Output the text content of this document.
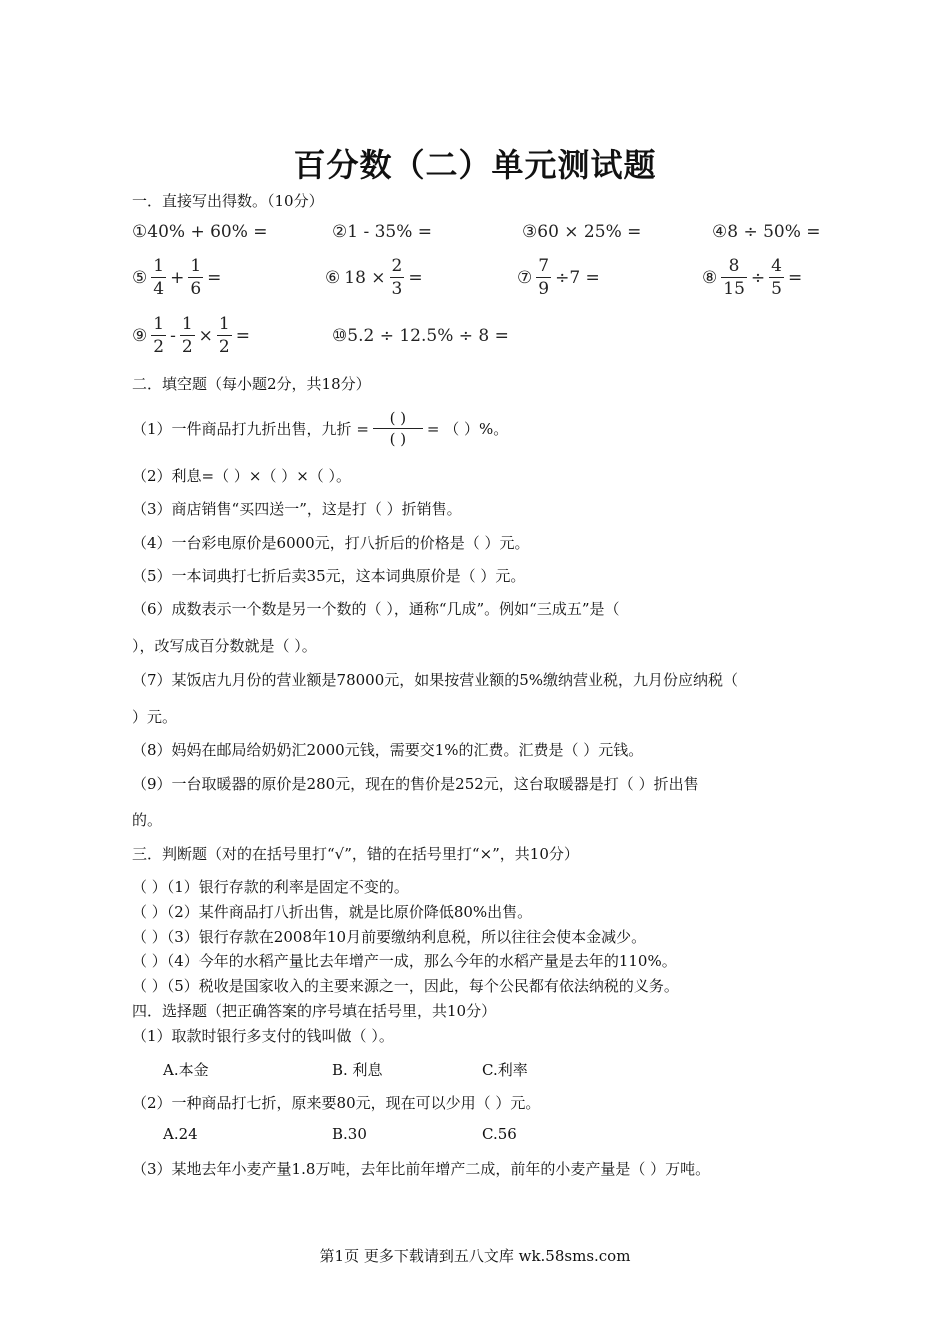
百分数（二）单元测试题
一．直接写出得数。（10分）
①40% + 60% =	②1 - 35% =	③60 × 25% =	④8 ÷ 50% =
⑤ $\frac{1}{4} + \frac{1}{6}$ =	⑥ $18 \times \frac{2}{3}$ =	⑦ $\frac{7}{9} \div 7$ =	⑧ $\frac{8}{15} \div \frac{4}{5}$ =
⑨ $\frac{1}{2} - \frac{1}{2} \times \frac{1}{2}$ =	⑩5.2 ÷ 12.5% ÷ 8 =
二．填空题（每小题2分，共18分）
（1）一件商品打九折出售，九折 =
( )
( )
= （ ）%。
（2）利息=（ ）×（ ）×（ ）。
（3）商店销售“买四送一”，这是打（ ）折销售。
（4）一台彩电原价是6000元，打八折后的价格是（ ）元。
（5）一本词典打七折后卖35元，这本词典原价是（ ）元。
（6）成数表示一个数是另一个数的（ ），通称“几成”。例如“三成五”是（
），改写成百分数就是（ ）。
（7）某饭店九月份的营业额是78000元，如果按营业额的5%缴纳营业税，九月份应纳税（
）元。
（8）妈妈在邮局给奶奶汇2000元钱，需要交1%的汇费。汇费是（ ）元钱。
（9）一台取暖器的原价是280元，现在的售价是252元，这台取暖器是打（ ）折出售
的。
三．判断题（对的在括号里打“√”，错的在括号里打“×”，共10分）
（ ）（1）银行存款的利率是固定不变的。
（ ）（2）某件商品打八折出售，就是比原价降低80%出售。
（ ）（3）银行存款在2008年10月前要缴纳利息税，所以往往会使本金减少。
（ ）（4）今年的水稻产量比去年增产一成，那么今年的水稻产量是去年的110%。
（ ）（5）税收是国家收入的主要来源之一，因此，每个公民都有依法纳税的义务。
四．选择题（把正确答案的序号填在括号里，共10分）
（1）取款时银行多支付的钱叫做（ ）。
A.本金	B. 利息	C.利率
（2）一种商品打七折，原来要80元，现在可以少用（ ）元。
A.24	B.30	C.56
（3）某地去年小麦产量1.8万吨，去年比前年增产二成，前年的小麦产量是（ ）万吨。
第1页 更多下载请到五八文库 wk.58sms.com
